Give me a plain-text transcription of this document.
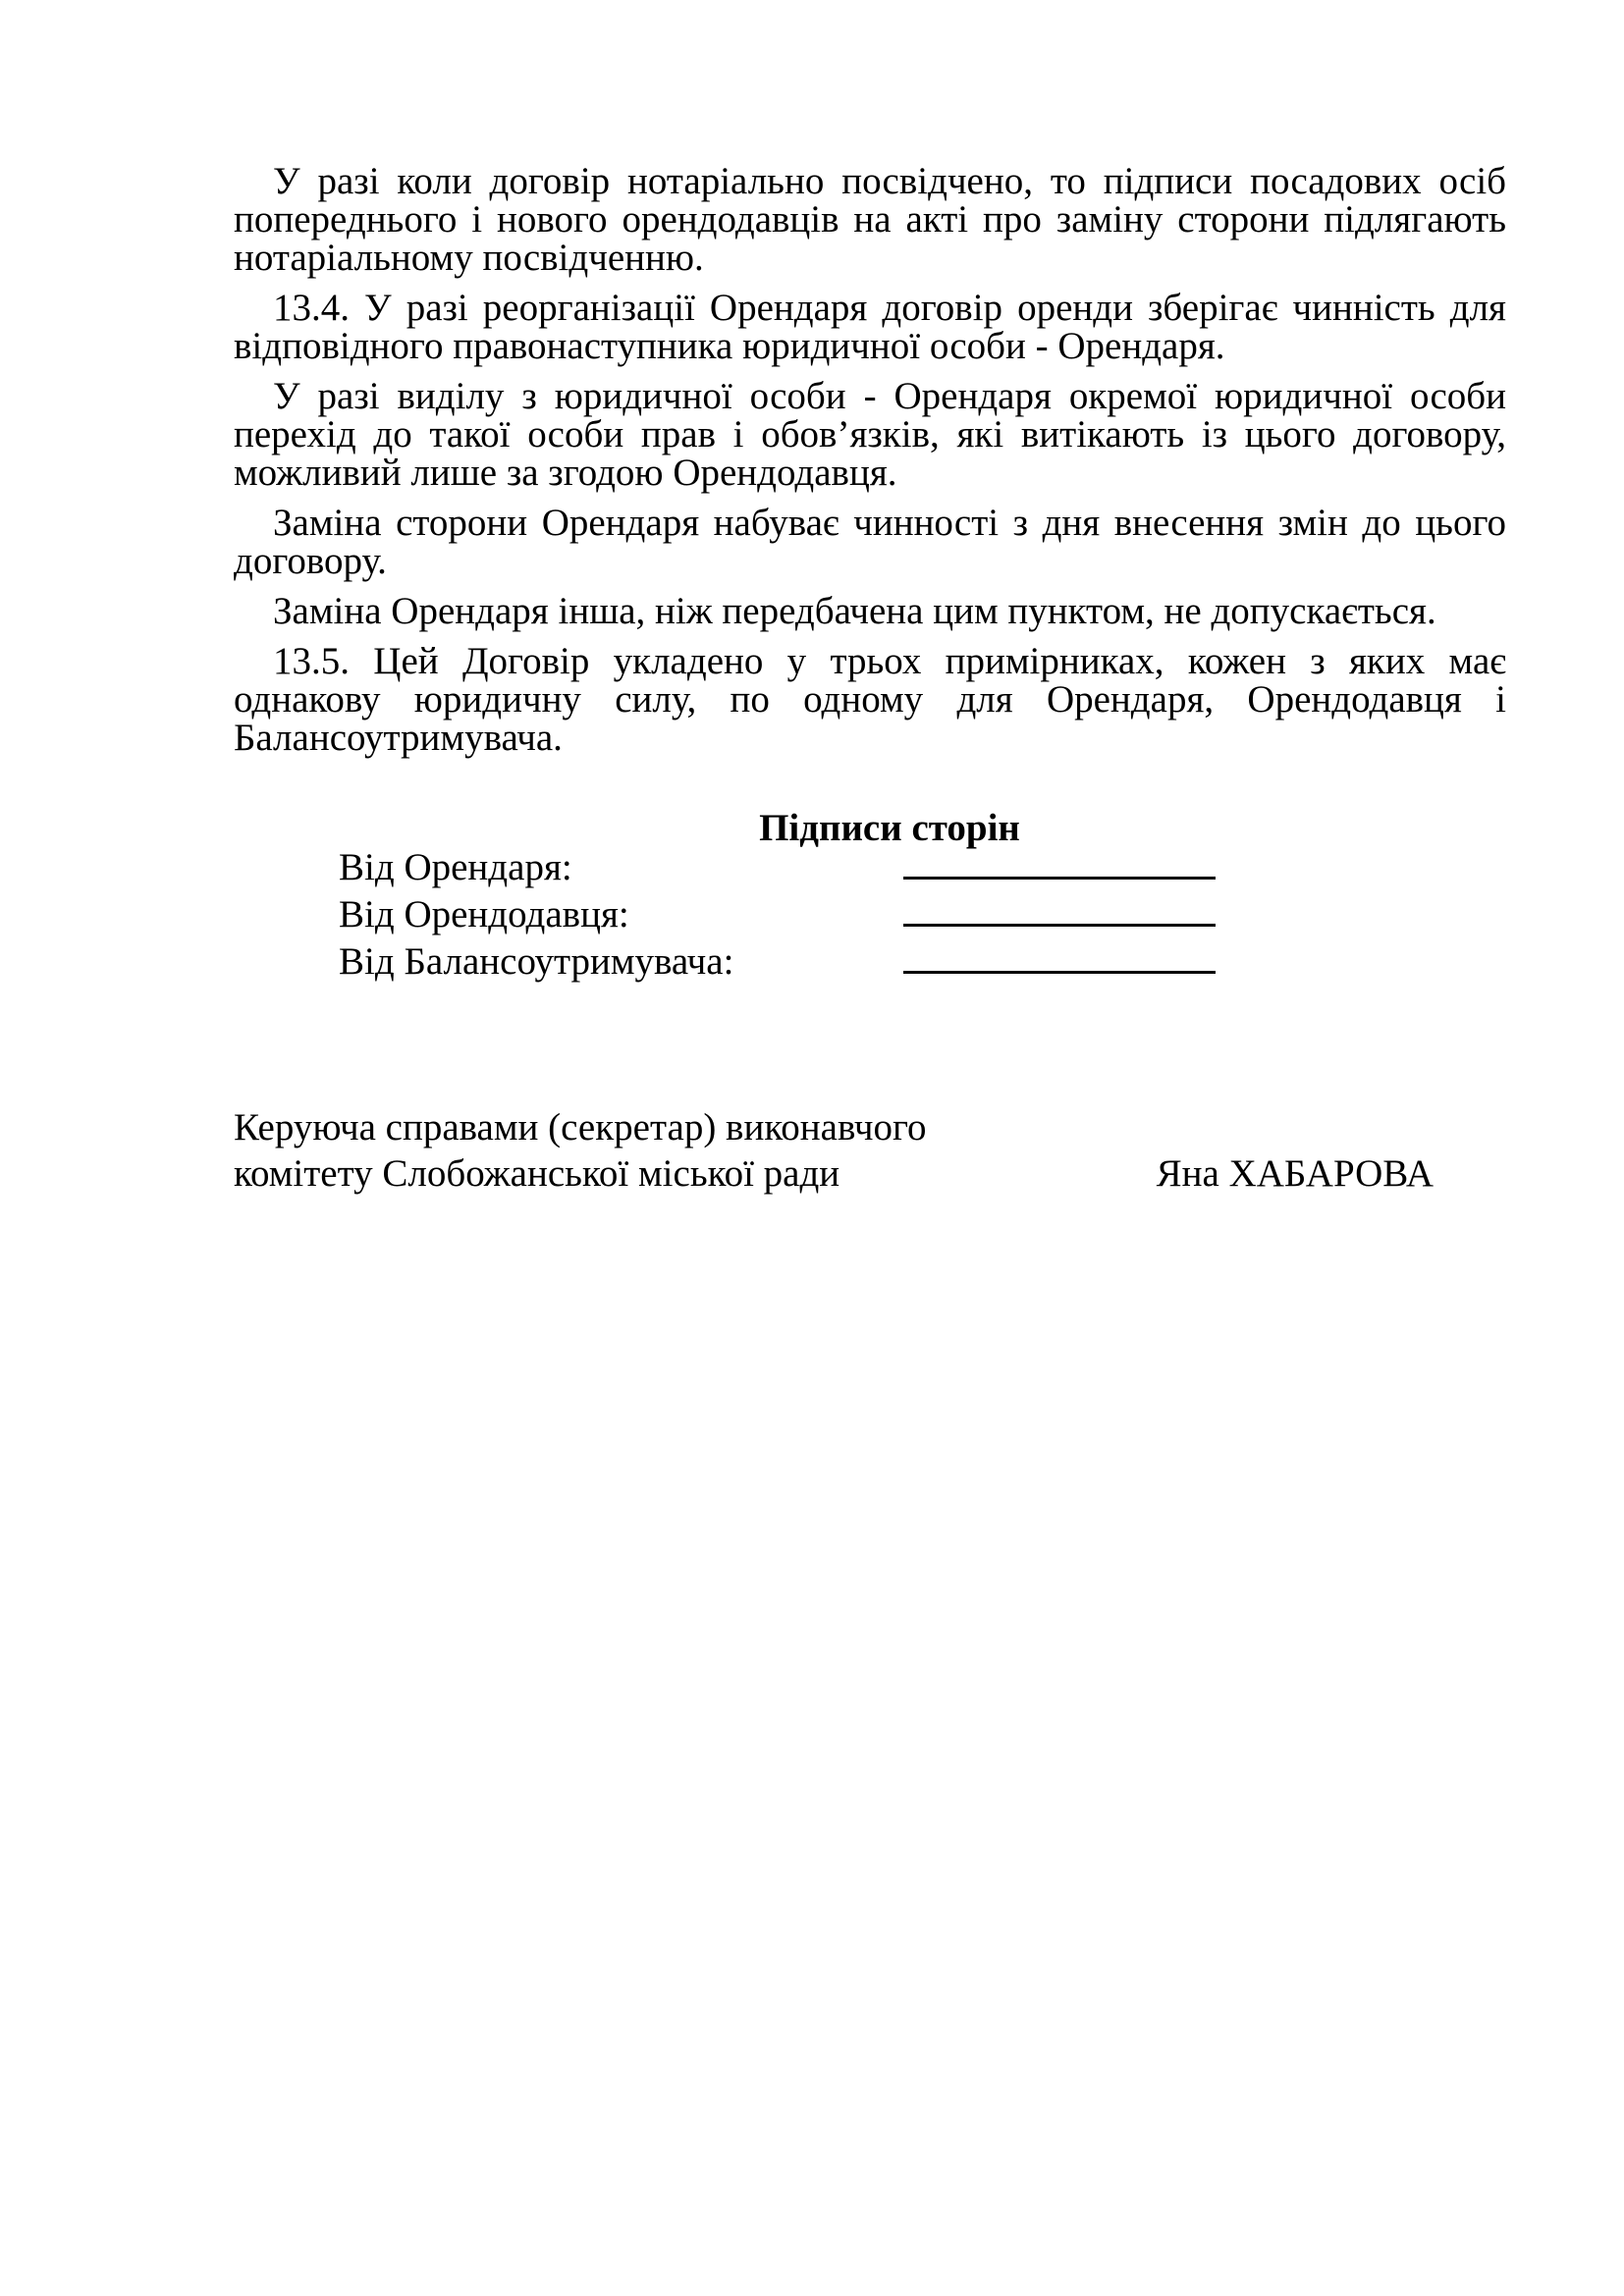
У разі коли договір нотаріально посвідчено, то підписи посадових осіб попереднього і нового орендодавців на акті про заміну сторони підлягають нотаріальному посвідченню.

13.4. У разі реорганізації Орендаря договір оренди зберігає чинність для відповідного правонаступника юридичної особи - Орендаря.

У разі виділу з юридичної особи - Орендаря окремої юридичної особи перехід до такої особи прав і обов’язків, які витікають із цього договору, можливий лише за згодою Орендодавця.

Заміна сторони Орендаря набуває чинності з дня внесення змін до цього договору.

Заміна Орендаря інша, ніж передбачена цим пунктом, не допускається.

13.5. Цей Договір укладено у трьох примірниках, кожен з яких має однакову юридичну силу, по одному для Орендаря, Орендодавця і Балансоутримувача.

Підписи сторін

Від Орендаря:
Від Орендодавця:
Від Балансоутримувача:
Керуюча справами (секретар) виконавчого
комітету Слобожанської міської ради	Яна ХАБАРОВА
